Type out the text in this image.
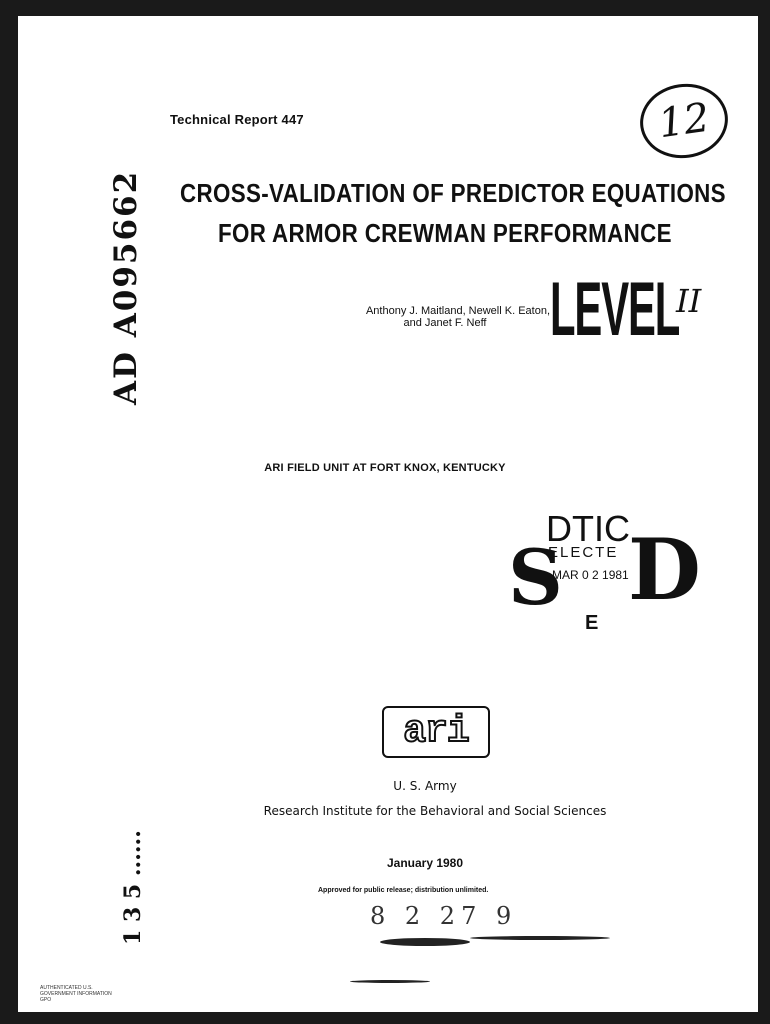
Technical Report 447	12
CROSS-VALIDATION OF PREDICTOR EQUATIONS
FOR ARMOR CREWMAN PERFORMANCE
AD A095662	Anthony J. Maitland, Newell K. Eaton,
and Janet F. Neff LEVEL
II
ARI FIELD UNIT AT FORT KNOX, KENTUCKY
DTIC
ELECTE
MAR 0 2 1981
S D
E
ari
U. S. Army
Research Institute for the Behavioral and Social Sciences
January 1980
Approved for public release; distribution unlimited.
8 2 27 9
1 3 5 ......
AUTHENTICATED U.S. GOVERNMENT INFORMATION GPO
